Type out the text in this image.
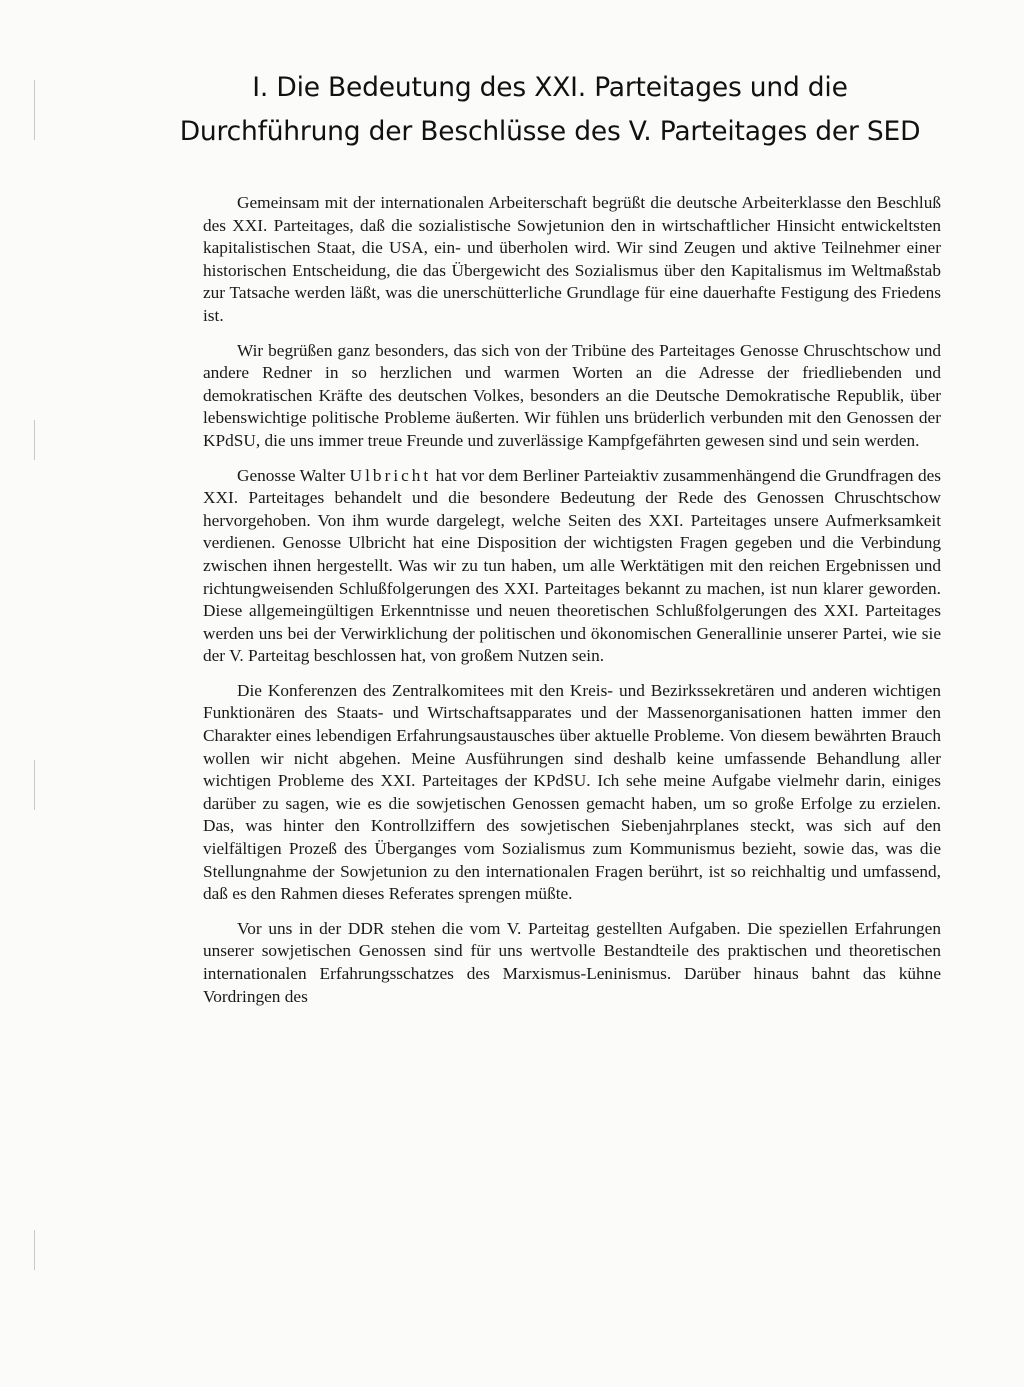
I. Die Bedeutung des XXI. Parteitages und die
Durchführung der Beschlüsse des V. Parteitages der SED

Gemeinsam mit der internationalen Arbeiterschaft begrüßt die deutsche Arbeiterklasse den Beschluß des XXI. Parteitages, daß die sozialistische Sowjetunion den in wirtschaftlicher Hinsicht entwickeltsten kapitalistischen Staat, die USA, ein- und überholen wird. Wir sind Zeugen und aktive Teilnehmer einer historischen Entscheidung, die das Übergewicht des Sozialismus über den Kapitalismus im Weltmaßstab zur Tatsache werden läßt, was die unerschütterliche Grundlage für eine dauerhafte Festigung des Friedens ist.

Wir begrüßen ganz besonders, das sich von der Tribüne des Parteitages Genosse Chruschtschow und andere Redner in so herzlichen und warmen Worten an die Adresse der friedliebenden und demokratischen Kräfte des deutschen Volkes, besonders an die Deutsche Demokratische Republik, über lebenswichtige politische Probleme äußerten. Wir fühlen uns brüderlich verbunden mit den Genossen der KPdSU, die uns immer treue Freunde und zuverlässige Kampfgefährten gewesen sind und sein werden.

Genosse Walter Ulbricht hat vor dem Berliner Parteiaktiv zusammenhängend die Grundfragen des XXI. Parteitages behandelt und die besondere Bedeutung der Rede des Genossen Chruschtschow hervorgehoben. Von ihm wurde dargelegt, welche Seiten des XXI. Parteitages unsere Aufmerksamkeit verdienen. Genosse Ulbricht hat eine Disposition der wichtigsten Fragen gegeben und die Verbindung zwischen ihnen hergestellt. Was wir zu tun haben, um alle Werktätigen mit den reichen Ergebnissen und richtungweisenden Schlußfolgerungen des XXI. Parteitages bekannt zu machen, ist nun klarer geworden. Diese allgemeingültigen Erkenntnisse und neuen theoretischen Schlußfolgerungen des XXI. Parteitages werden uns bei der Verwirklichung der politischen und ökonomischen Generallinie unserer Partei, wie sie der V. Parteitag beschlossen hat, von großem Nutzen sein.

Die Konferenzen des Zentralkomitees mit den Kreis- und Bezirkssekretären und anderen wichtigen Funktionären des Staats- und Wirtschaftsapparates und der Massenorganisationen hatten immer den Charakter eines lebendigen Erfahrungsaustausches über aktuelle Probleme. Von diesem bewährten Brauch wollen wir nicht abgehen. Meine Ausführungen sind deshalb keine umfassende Behandlung aller wichtigen Probleme des XXI. Parteitages der KPdSU. Ich sehe meine Aufgabe vielmehr darin, einiges darüber zu sagen, wie es die sowjetischen Genossen gemacht haben, um so große Erfolge zu erzielen. Das, was hinter den Kontrollziffern des sowjetischen Siebenjahrplanes steckt, was sich auf den vielfältigen Prozeß des Überganges vom Sozialismus zum Kommunismus bezieht, sowie das, was die Stellungnahme der Sowjetunion zu den internationalen Fragen berührt, ist so reichhaltig und umfassend, daß es den Rahmen dieses Referates sprengen müßte.

Vor uns in der DDR stehen die vom V. Parteitag gestellten Aufgaben. Die speziellen Erfahrungen unserer sowjetischen Genossen sind für uns wertvolle Bestandteile des praktischen und theoretischen internationalen Erfahrungsschatzes des Marxismus-Leninismus. Darüber hinaus bahnt das kühne Vordringen des
